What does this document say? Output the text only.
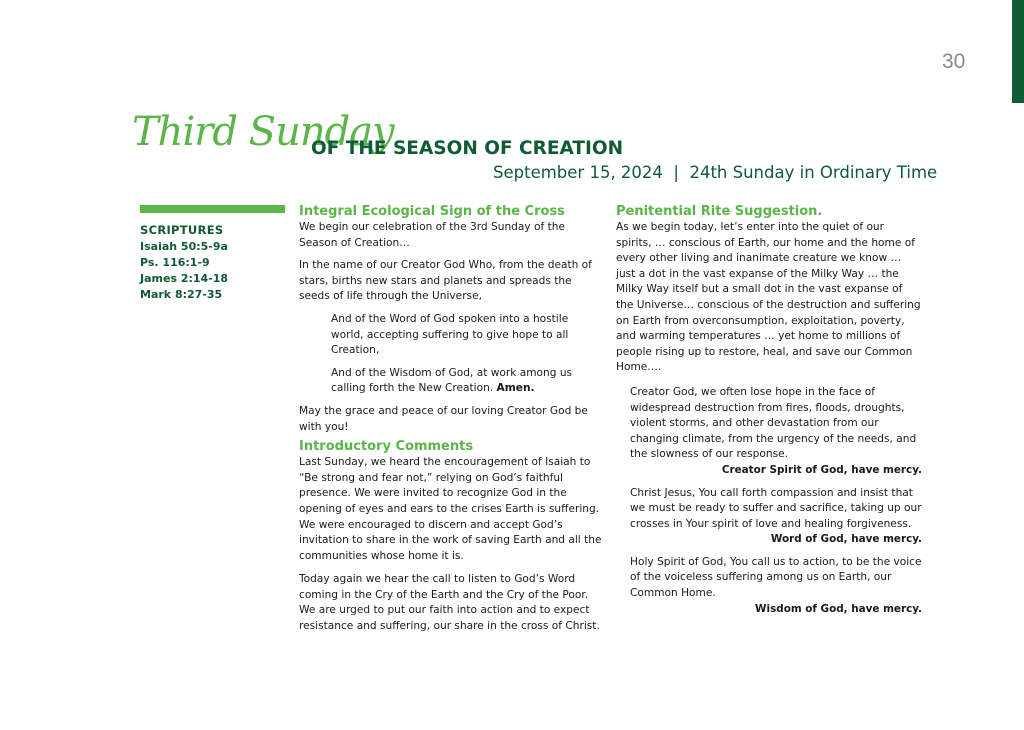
30
Third Sunday
OF THE SEASON OF CREATION
September 15, 2024  |  24th Sunday in Ordinary Time
SCRIPTURES
Isaiah 50:5-9a
Ps. 116:1-9
James 2:14-18
Mark 8:27-35
Integral Ecological Sign of the Cross

We begin our celebration of the 3rd Sunday of the Season of Creation…

In the name of our Creator God Who, from the death of stars, births new stars and planets and spreads the seeds of life through the Universe,

And of the Word of God spoken into a hostile world, accepting suffering to give hope to all Creation,

And of the Wisdom of God, at work among us calling forth the New Creation. Amen.

May the grace and peace of our loving Creator God be with you!

Introductory Comments

Last Sunday, we heard the encouragement of Isaiah to “Be strong and fear not,” relying on God’s faithful presence. We were invited to recognize God in the opening of eyes and ears to the crises Earth is suffering. We were encouraged to discern and accept God’s invitation to share in the work of saving Earth and all the communities whose home it is.

Today again we hear the call to listen to God’s Word coming in the Cry of the Earth and the Cry of the Poor. We are urged to put our faith into action and to expect resistance and suffering, our share in the cross of Christ.

Penitential Rite Suggestion.

As we begin today, let’s enter into the quiet of our spirits, … conscious of Earth, our home and the home of every other living and inanimate creature we know … just a dot in the vast expanse of the Milky Way … the Milky Way itself but a small dot in the vast expanse of the Universe… conscious of the destruction and suffering on Earth from overconsumption, exploitation, poverty, and warming temperatures … yet home to millions of people rising up to restore, heal, and save our Common Home….

Creator God, we often lose hope in the face of widespread destruction from fires, floods, droughts, violent storms, and other devastation from our changing climate, from the urgency of the needs, and the slowness of our response.

Creator Spirit of God, have mercy.

Christ Jesus, You call forth compassion and insist that we must be ready to suffer and sacrifice, taking up our crosses in Your spirit of love and healing forgiveness.

Word of God, have mercy.

Holy Spirit of God, You call us to action, to be the voice of the voiceless suffering among us on Earth, our Common Home.

Wisdom of God, have mercy.
